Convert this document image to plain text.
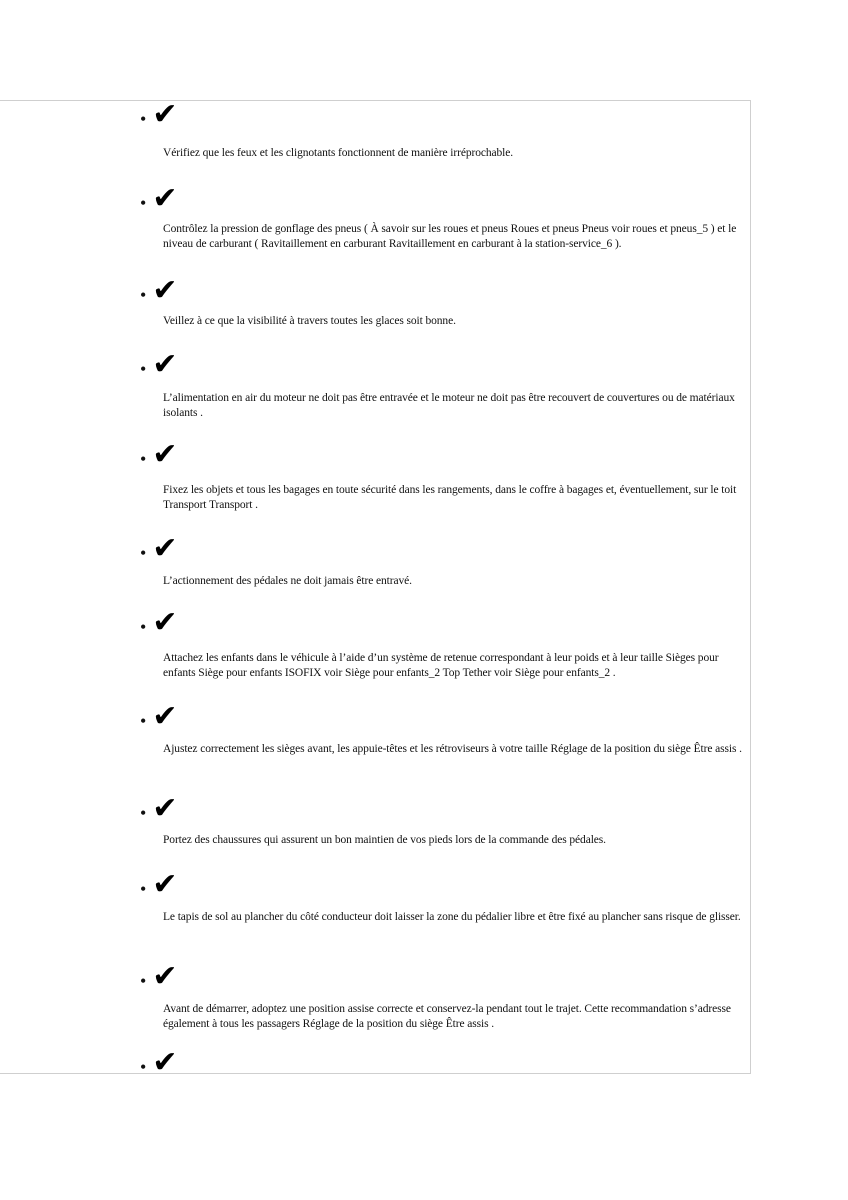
• ✔
Vérifiez que les feux et les clignotants fonctionnent de manière irréprochable.
• ✔
Contrôlez la pression de gonflage des pneus ( À savoir sur les roues et pneus Roues et pneus Pneus voir roues et pneus_5 ) et le niveau de carburant ( Ravitaillement en carburant Ravitaillement en carburant à la station-service_6 ).
• ✔
Veillez à ce que la visibilité à travers toutes les glaces soit bonne.
• ✔
L’alimentation en air du moteur ne doit pas être entravée et le moteur ne doit pas être recouvert de couvertures ou de matériaux isolants .
• ✔
Fixez les objets et tous les bagages en toute sécurité dans les rangements, dans le coffre à bagages et, éventuellement, sur le toit Transport Transport .
• ✔
L’actionnement des pédales ne doit jamais être entravé.
• ✔
Attachez les enfants dans le véhicule à l’aide d’un système de retenue correspondant à leur poids et à leur taille Sièges pour enfants Siège pour enfants ISOFIX voir Siège pour enfants_2 Top Tether voir Siège pour enfants_2 .
• ✔
Ajustez correctement les sièges avant, les appuie-têtes et les rétroviseurs à votre taille Réglage de la position du siège Être assis .
• ✔
Portez des chaussures qui assurent un bon maintien de vos pieds lors de la commande des pédales.
• ✔
Le tapis de sol au plancher du côté conducteur doit laisser la zone du pédalier libre et être fixé au plancher sans risque de glisser.
• ✔
Avant de démarrer, adoptez une position assise correcte et conservez-la pendant tout le trajet. Cette recommandation s’adresse également à tous les passagers Réglage de la position du siège Être assis .
• ✔
